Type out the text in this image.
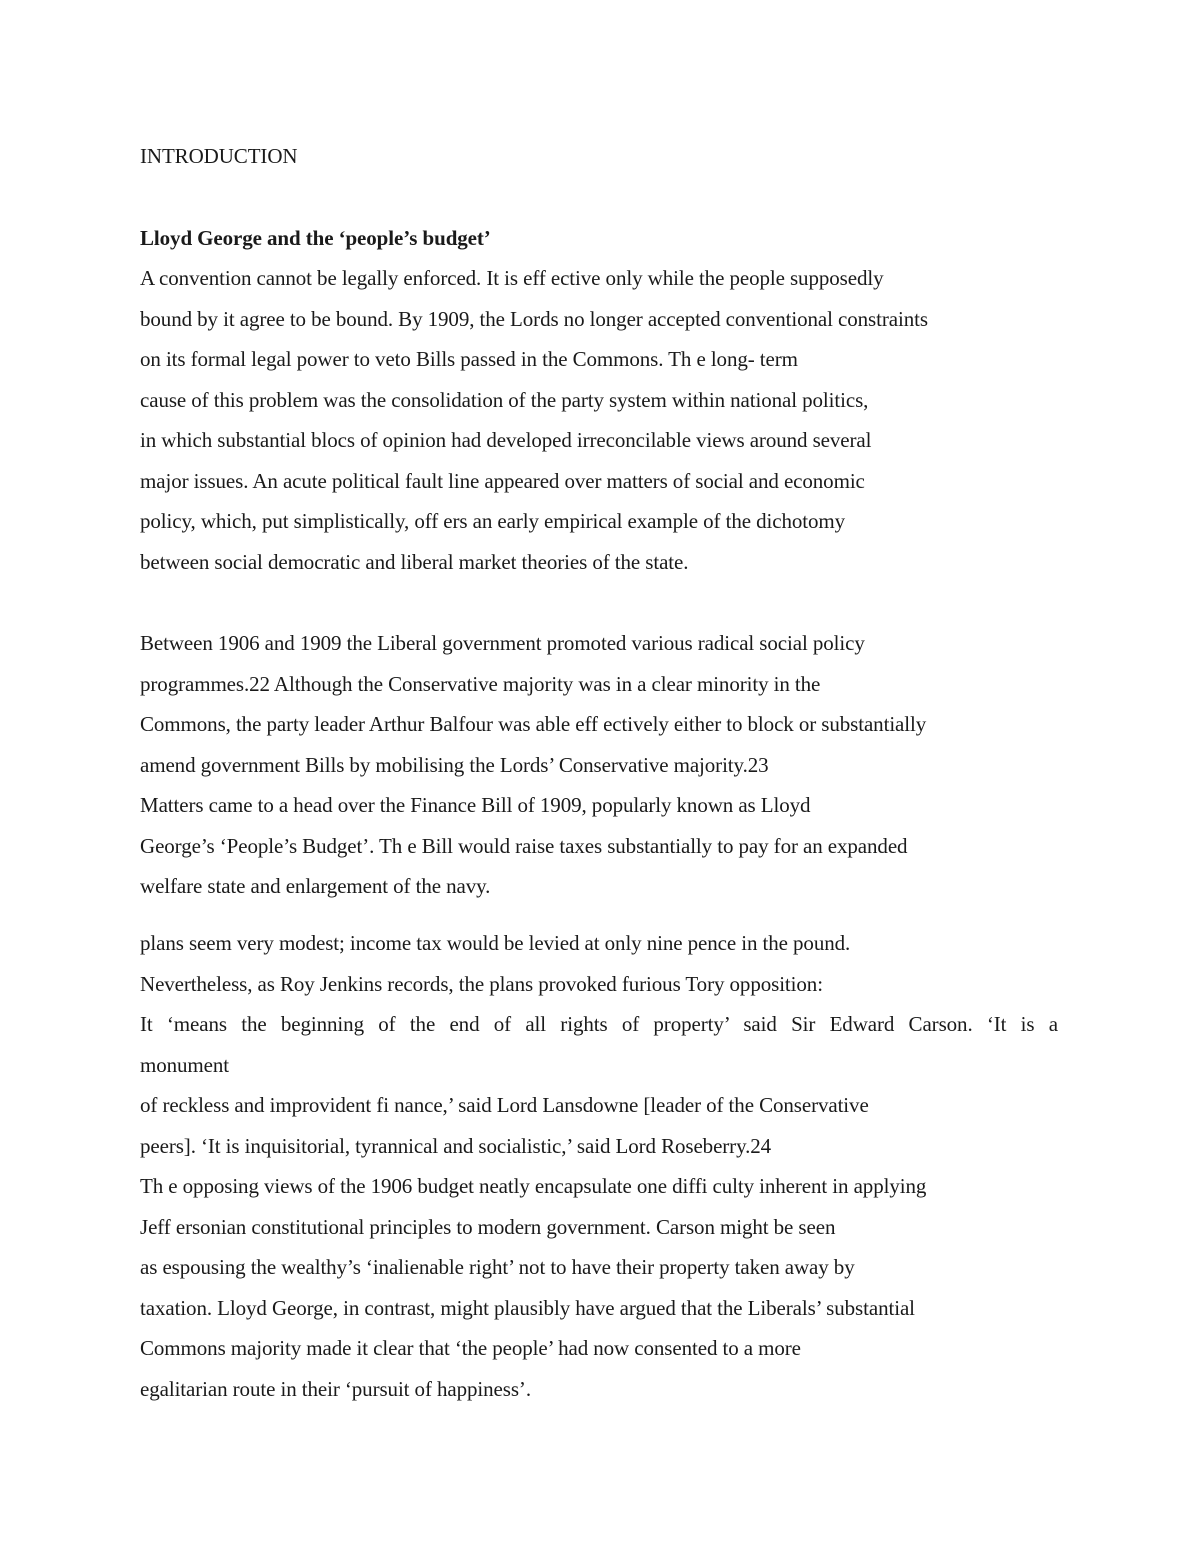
INTRODUCTION
Lloyd George and the ‘people’s budget’
A convention cannot be legally enforced. It is eff ective only while the people supposedly
bound by it agree to be bound. By 1909, the Lords no longer accepted conventional constraints
on its formal legal power to veto Bills passed in the Commons. Th e long- term
cause of this problem was the consolidation of the party system within national politics,
in which substantial blocs of opinion had developed irreconcilable views around several
major issues. An acute political fault line appeared over matters of social and economic
policy, which, put simplistically, off ers an early empirical example of the dichotomy
between social democratic and liberal market theories of the state.
Between 1906 and 1909 the Liberal government promoted various radical social policy
programmes.22 Although the Conservative majority was in a clear minority in the
Commons, the party leader Arthur Balfour was able eff ectively either to block or substantially
amend government Bills by mobilising the Lords’ Conservative majority.23
Matters came to a head over the Finance Bill of 1909, popularly known as Lloyd
George’s ‘People’s Budget’. Th e Bill would raise taxes substantially to pay for an expanded
welfare state and enlargement of the navy.
plans seem very modest; income tax would be levied at only nine pence in the pound.
Nevertheless, as Roy Jenkins records, the plans provoked furious Tory opposition:
It ‘means the beginning of the end of all rights of property’ said Sir Edward Carson. ‘It is a
monument
of reckless and improvident fi nance,’ said Lord Lansdowne [leader of the Conservative
peers]. ‘It is inquisitorial, tyrannical and socialistic,’ said Lord Roseberry.24
Th e opposing views of the 1906 budget neatly encapsulate one diffi culty inherent in applying
Jeff ersonian constitutional principles to modern government. Carson might be seen
as espousing the wealthy’s ‘inalienable right’ not to have their property taken away by
taxation. Lloyd George, in contrast, might plausibly have argued that the Liberals’ substantial
Commons majority made it clear that ‘the people’ had now consented to a more
egalitarian route in their ‘pursuit of happiness’.
